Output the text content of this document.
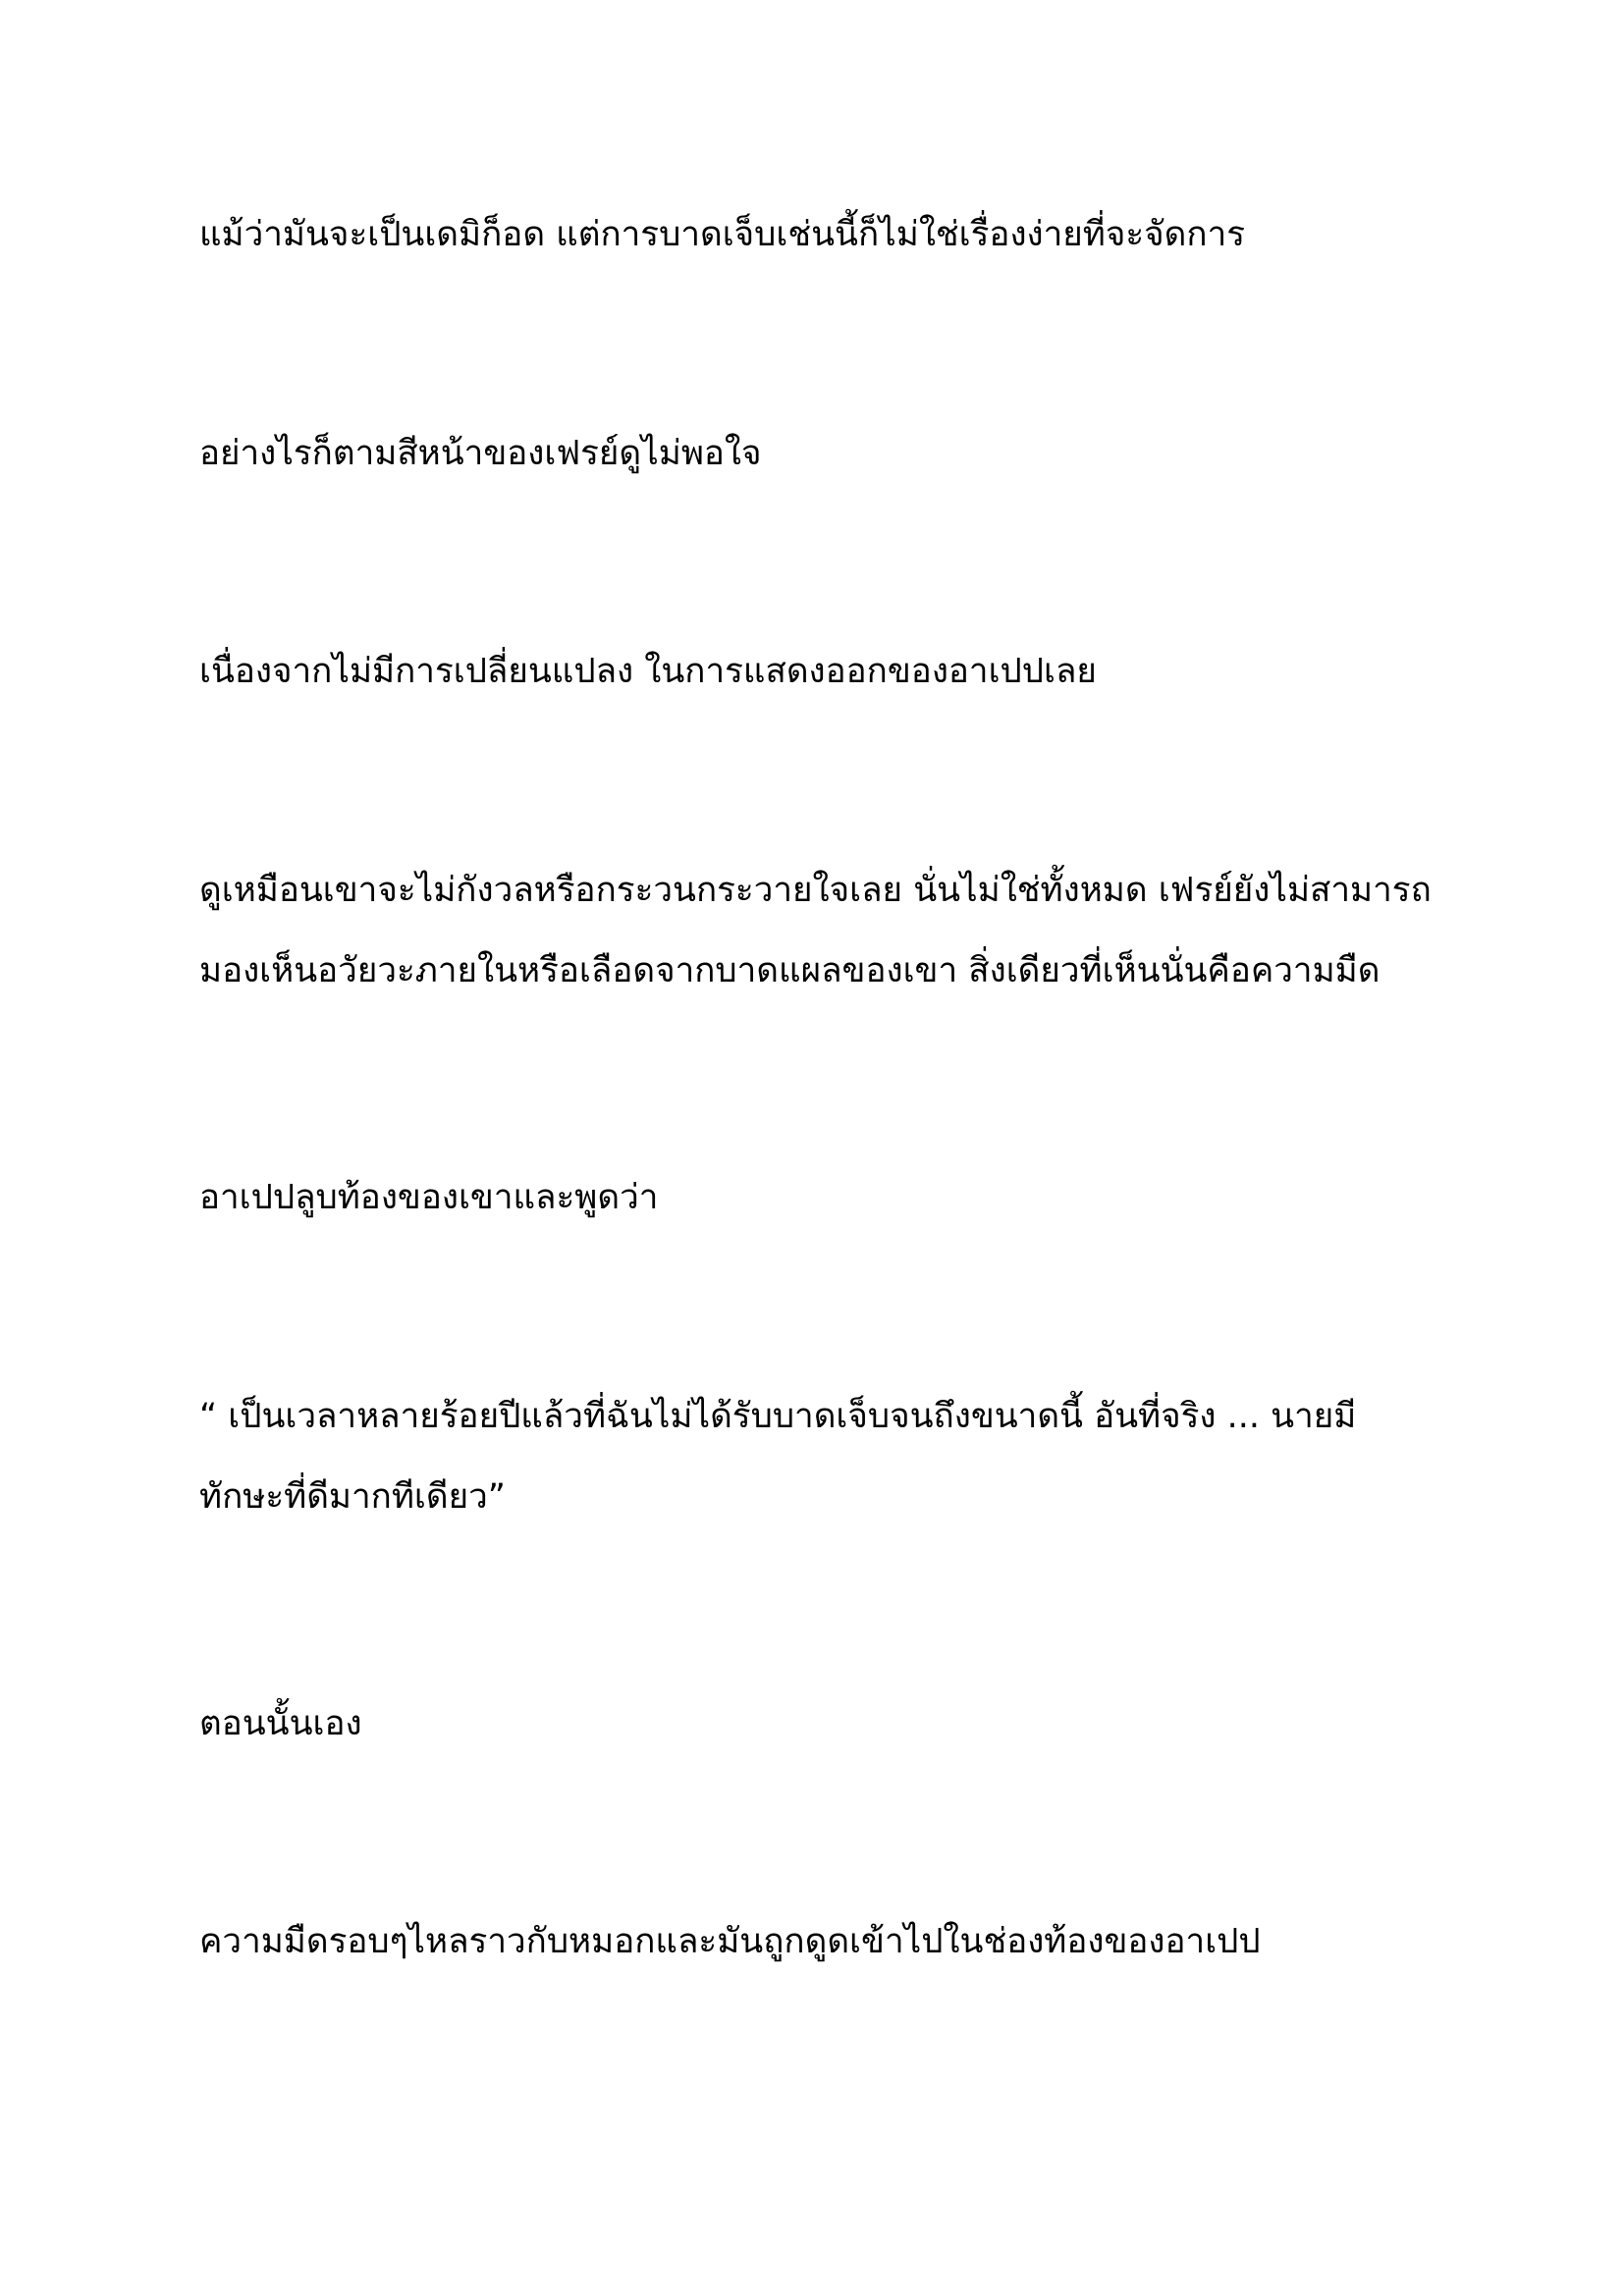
แม้ว่ามันจะเป็นเดมิก็อด แต่การบาดเจ็บเช่นนี้ก็ไม่ใช่เรื่องง่ายที่จะจัดการ

อย่างไรก็ตามสีหน้าของเฟรย์ดูไม่พอใจ

เนื่องจากไม่มีการเปลี่ยนแปลง ในการแสดงออกของอาเปปเลย

ดูเหมือนเขาจะไม่กังวลหรือกระวนกระวายใจเลย นั่นไม่ใช่ทั้งหมด เฟรย์ยังไม่สามารถ
มองเห็นอวัยวะภายในหรือเลือดจากบาดแผลของเขา สิ่งเดียวที่เห็นนั่นคือความมืด

อาเปปลูบท้องของเขาและพูดว่า

“ เป็นเวลาหลายร้อยปีแล้วที่ฉันไม่ได้รับบาดเจ็บจนถึงขนาดนี้ อันที่จริง ... นายมี
ทักษะที่ดีมากทีเดียว”

ตอนนั้นเอง

ความมืดรอบๆไหลราวกับหมอกและมันถูกดูดเข้าไปในช่องท้องของอาเปป
